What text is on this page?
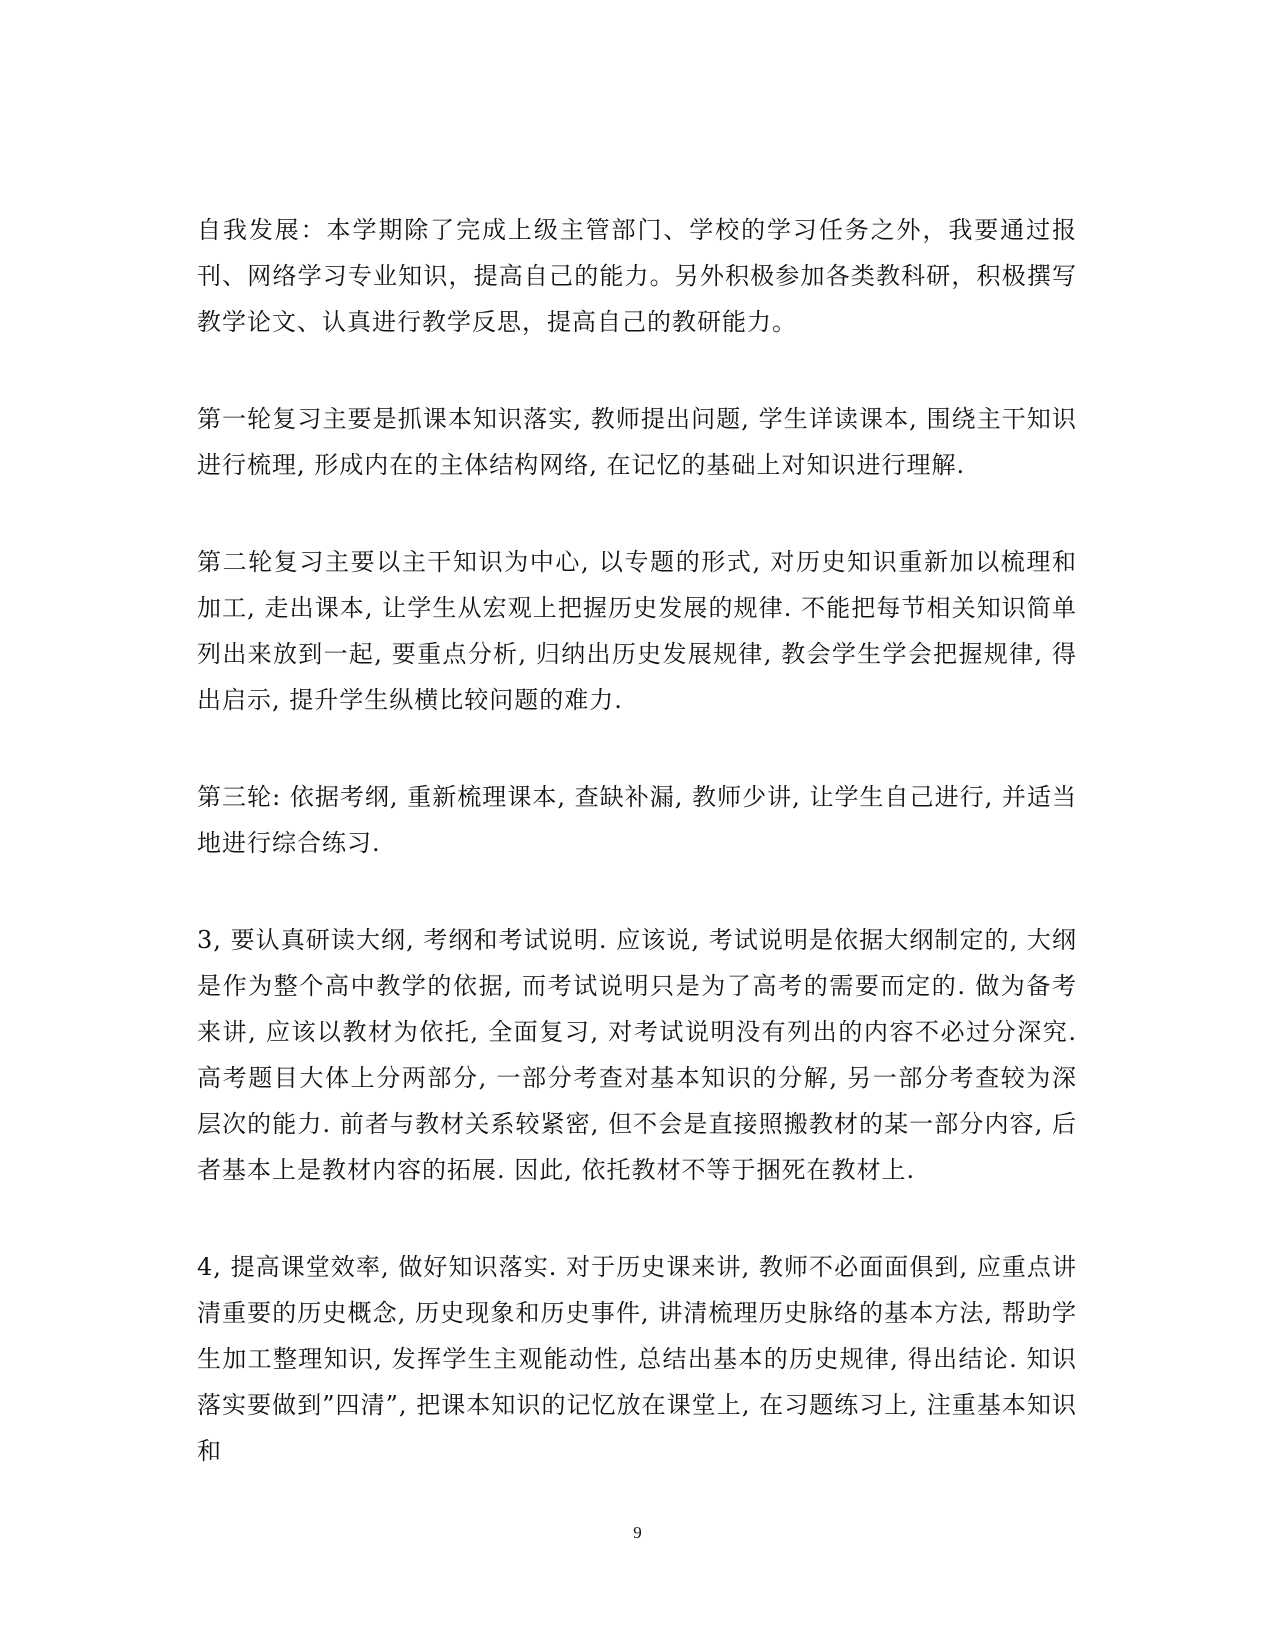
自我发展：本学期除了完成上级主管部门、学校的学习任务之外，我要通过报刊、网络学习专业知识，提高自己的能力。另外积极参加各类教科研，积极撰写教学论文、认真进行教学反思，提高自己的教研能力。

第一轮复习主要是抓课本知识落实, 教师提出问题, 学生详读课本, 围绕主干知识进行梳理, 形成内在的主体结构网络, 在记忆的基础上对知识进行理解.

第二轮复习主要以主干知识为中心, 以专题的形式, 对历史知识重新加以梳理和加工, 走出课本, 让学生从宏观上把握历史发展的规律. 不能把每节相关知识简单列出来放到一起, 要重点分析, 归纳出历史发展规律, 教会学生学会把握规律, 得出启示, 提升学生纵横比较问题的难力.

第三轮: 依据考纲, 重新梳理课本, 查缺补漏, 教师少讲, 让学生自己进行, 并适当地进行综合练习.

3, 要认真研读大纲, 考纲和考试说明. 应该说, 考试说明是依据大纲制定的, 大纲是作为整个高中教学的依据, 而考试说明只是为了高考的需要而定的. 做为备考来讲, 应该以教材为依托, 全面复习, 对考试说明没有列出的内容不必过分深究. 高考题目大体上分两部分, 一部分考查对基本知识的分解, 另一部分考查较为深层次的能力. 前者与教材关系较紧密, 但不会是直接照搬教材的某一部分内容, 后者基本上是教材内容的拓展. 因此, 依托教材不等于捆死在教材上.

4, 提高课堂效率, 做好知识落实. 对于历史课来讲, 教师不必面面俱到, 应重点讲清重要的历史概念, 历史现象和历史事件, 讲清梳理历史脉络的基本方法, 帮助学生加工整理知识, 发挥学生主观能动性, 总结出基本的历史规律, 得出结论. 知识落实要做到”四清”, 把课本知识的记忆放在课堂上, 在习题练习上, 注重基本知识和

9
